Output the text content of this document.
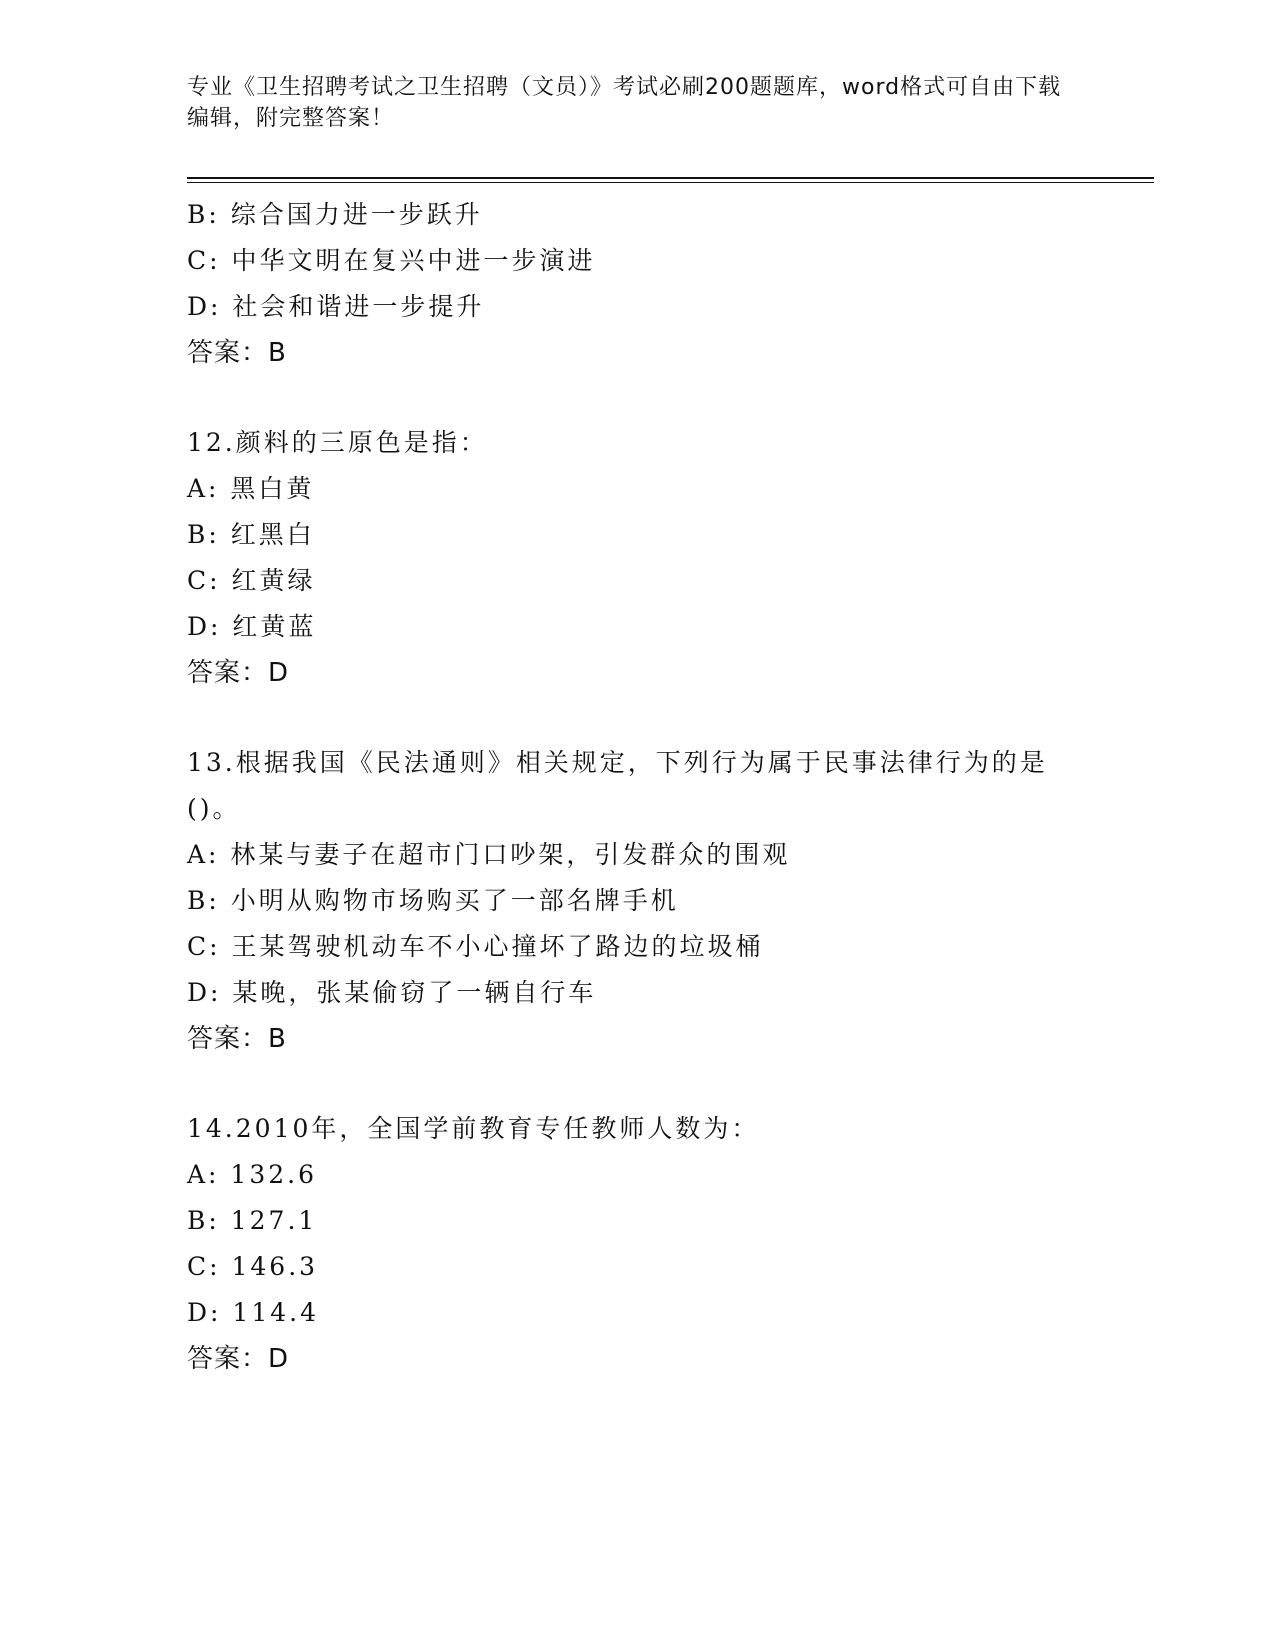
专业《卫生招聘考试之卫生招聘（文员）》考试必刷200题题库，word格式可自由下载编辑，附完整答案！
B: 综合国力进一步跃升
C: 中华文明在复兴中进一步演进
D: 社会和谐进一步提升
答案：B
12.颜料的三原色是指：
A: 黑白黄
B: 红黑白
C: 红黄绿
D: 红黄蓝
答案：D
13.根据我国《民法通则》相关规定，下列行为属于民事法律行为的是
()。
A: 林某与妻子在超市门口吵架，引发群众的围观
B: 小明从购物市场购买了一部名牌手机
C: 王某驾驶机动车不小心撞坏了路边的垃圾桶
D: 某晚，张某偷窃了一辆自行车
答案：B
14.2010年，全国学前教育专任教师人数为：
A: 132.6
B: 127.1
C: 146.3
D: 114.4
答案：D
